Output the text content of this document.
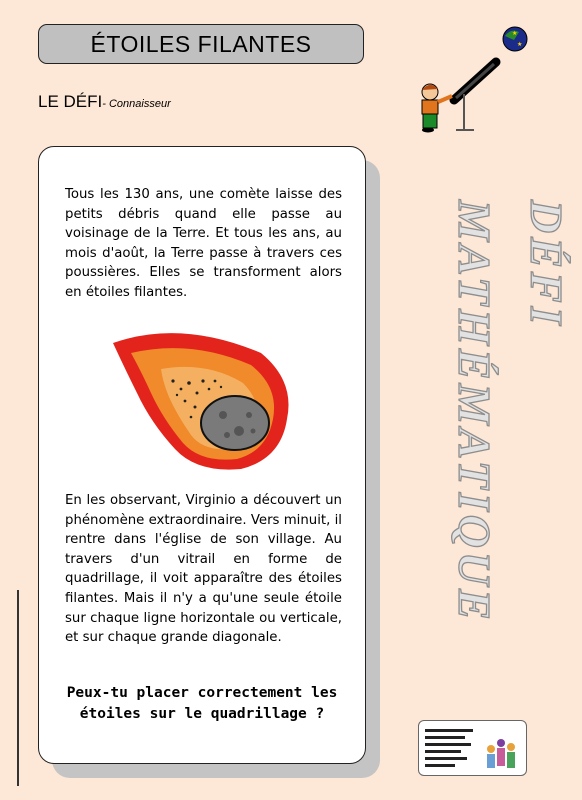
ÉTOILES FILANTES
LE DÉFI- Connaisseur
★
★
Tous les 130 ans, une comète laisse des petits débris quand elle passe au voisinage de la Terre. Et tous les ans, au mois d'août, la Terre passe à travers ces poussières. Elles se transforment alors en étoiles filantes.
En les observant, Virginio a découvert un phénomène extraordinaire. Vers minuit, il rentre dans l'église de son village. Au travers d'un vitrail en forme de quadrillage, il voit apparaître des étoiles filantes. Mais il n'y a qu'une seule étoile sur chaque ligne horizontale ou verticale, et sur chaque grande diagonale.
Peux-tu placer correctement les étoiles sur le quadrillage ?
DÉFI
MATHÉMATIQUE
